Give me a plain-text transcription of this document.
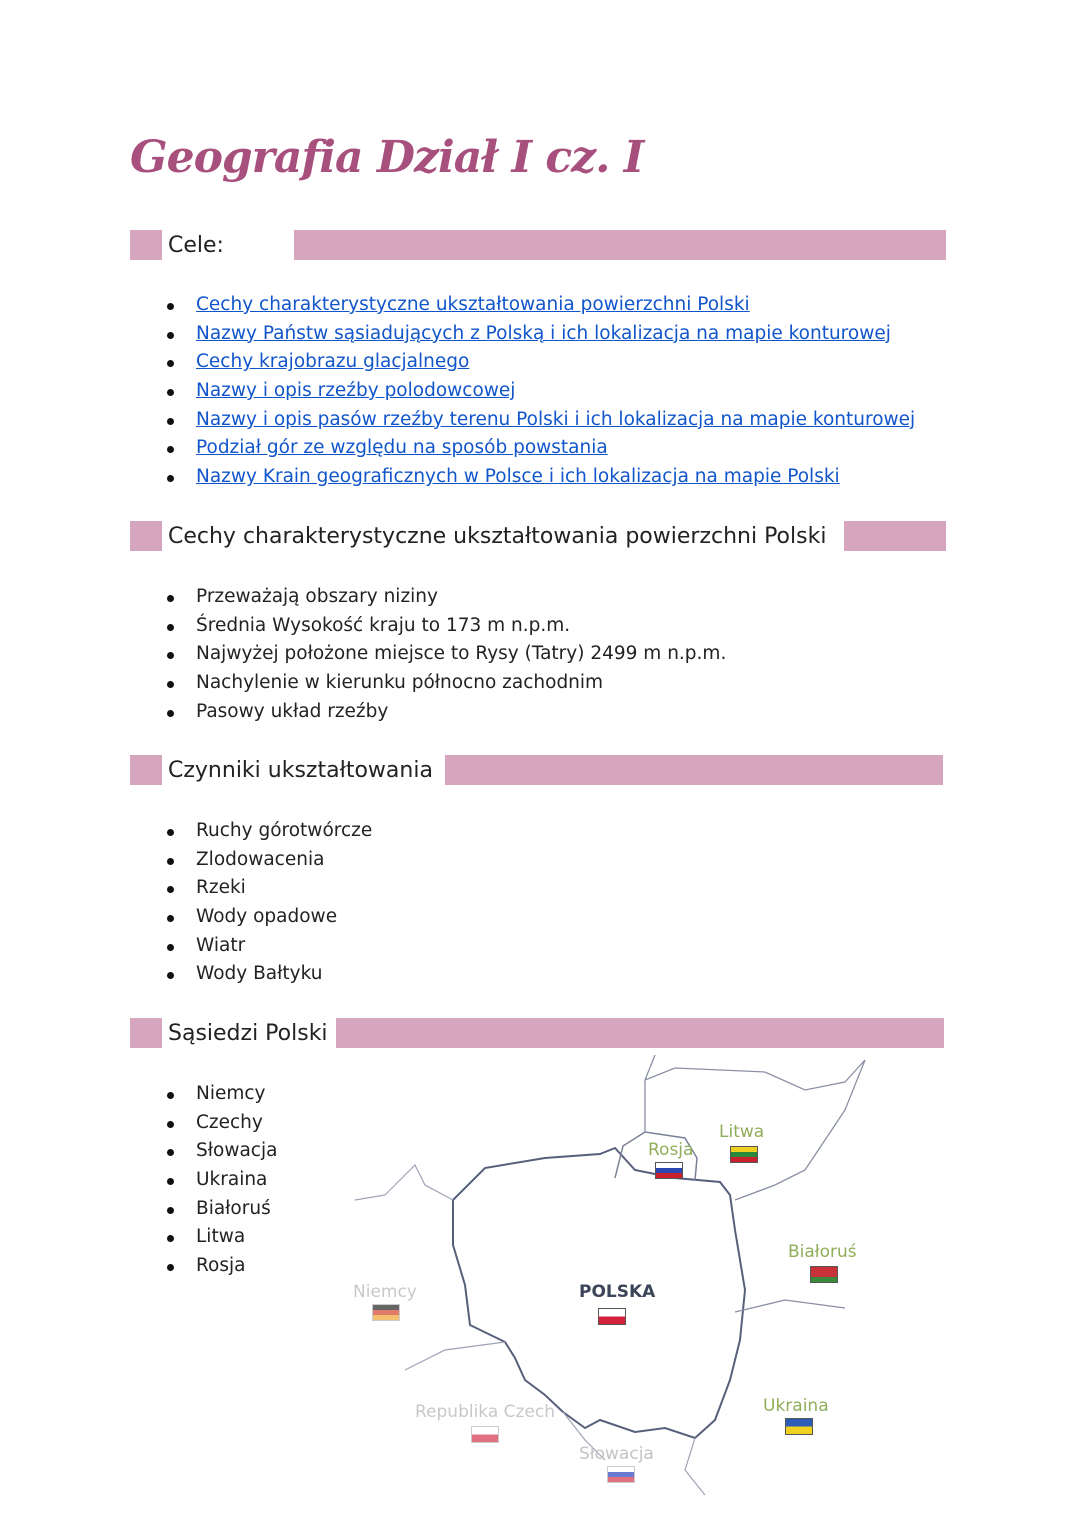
Geografia Dział I cz. I
Cele:
Cechy charakterystyczne ukształtowania powierzchni Polski
Nazwy Państw sąsiadujących z Polską i ich lokalizacja na mapie konturowej
Cechy krajobrazu glacjalnego
Nazwy i opis rzeźby polodowcowej
Nazwy i opis pasów rzeźby terenu Polski i ich lokalizacja na mapie konturowej
Podział gór ze względu na sposób powstania
Nazwy Krain geograficznych w Polsce i ich lokalizacja na mapie Polski
Cechy charakterystyczne ukształtowania powierzchni Polski
Przeważają obszary niziny
Średnia Wysokość kraju to 173 m n.p.m.
Najwyżej położone miejsce to Rysy (Tatry) 2499 m n.p.m.
Nachylenie w kierunku północno zachodnim
Pasowy układ rzeźby
Czynniki ukształtowania
Ruchy górotwórcze
Zlodowacenia
Rzeki
Wody opadowe
Wiatr
Wody Bałtyku
Sąsiedzi Polski
Niemcy
Czechy
Słowacja
Ukraina
Białoruś
Litwa
Rosja
POLSKA
Rosja
Litwa
Białoruś
Ukraina
Słowacja
Republika Czech
Niemcy
